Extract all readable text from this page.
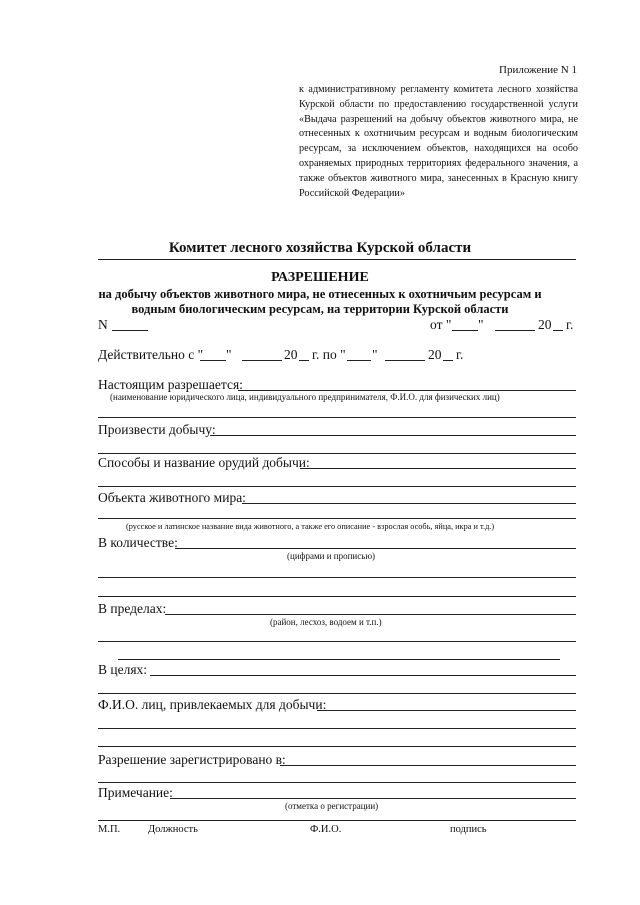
Приложение N 1
к административному регламенту комитета лесного хозяйства Курской области по предоставлению государственной услуги «Выдача разрешений на добычу объектов животного мира, не отнесенных к охотничьим ресурсам и водным биологическим ресурсам, за исключением объектов, находящихся на особо охраняемых природных территориях федерального значения, а также объектов животного мира, занесенных в Красную книгу Российской Федерации»
Комитет лесного хозяйства Курской области
РАЗРЕШЕНИЕ
на добычу объектов животного мира, не отнесенных к охотничьим ресурсам и
водным биологическим ресурсам, на территории Курской области
N	от " "	20 г.
Действительно с " "	20 г. по " "	20 г.
Настоящим разрешается:
(наименование юридического лица, индивидуального предпринимателя, Ф.И.О. для физических лиц)
Произвести добычу:
Способы и название орудий добычи:
Объекта животного мира:
(русское и латинское название вида животного, а также его описание - взрослая особь, яйца, икра и т.д.)
В количестве:
(цифрами и прописью)
В пределах:
(район, лесхоз, водоем и т.п.)
В целях:
Ф.И.О. лиц, привлекаемых для добычи:
Разрешение зарегистрировано в:
Примечание:
(отметка о регистрации)
М.П.	Должность	Ф.И.О.	подпись
